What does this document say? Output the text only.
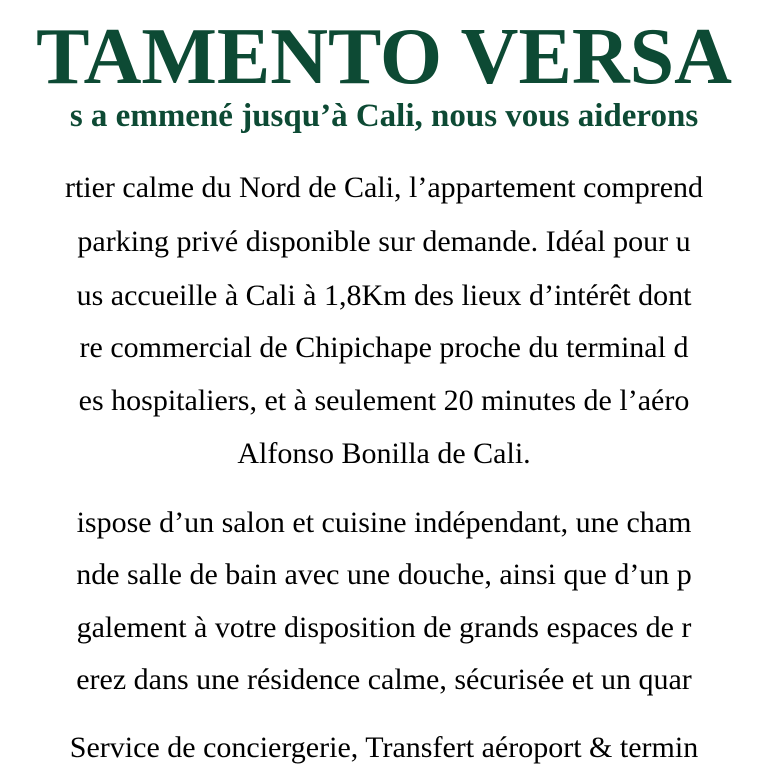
TAMENTO VERSA
s a emmené jusqu’à Cali, nous vous aiderons

rtier calme du Nord de Cali, l’appartement comprend

parking privé disponible sur demande. Idéal pour u

us accueille à Cali à 1,8Km des lieux d’intérêt dont

re commercial de Chipichape proche du terminal d

es hospitaliers, et à seulement 20 minutes de l’aéro

Alfonso Bonilla de Cali.

ispose d’un salon et cuisine indépendant, une cham

nde salle de bain avec une douche, ainsi que d’un p

galement à votre disposition de grands espaces de r

erez dans une résidence calme, sécurisée et un quar

Service de conciergerie, Transfert aéroport & termin
